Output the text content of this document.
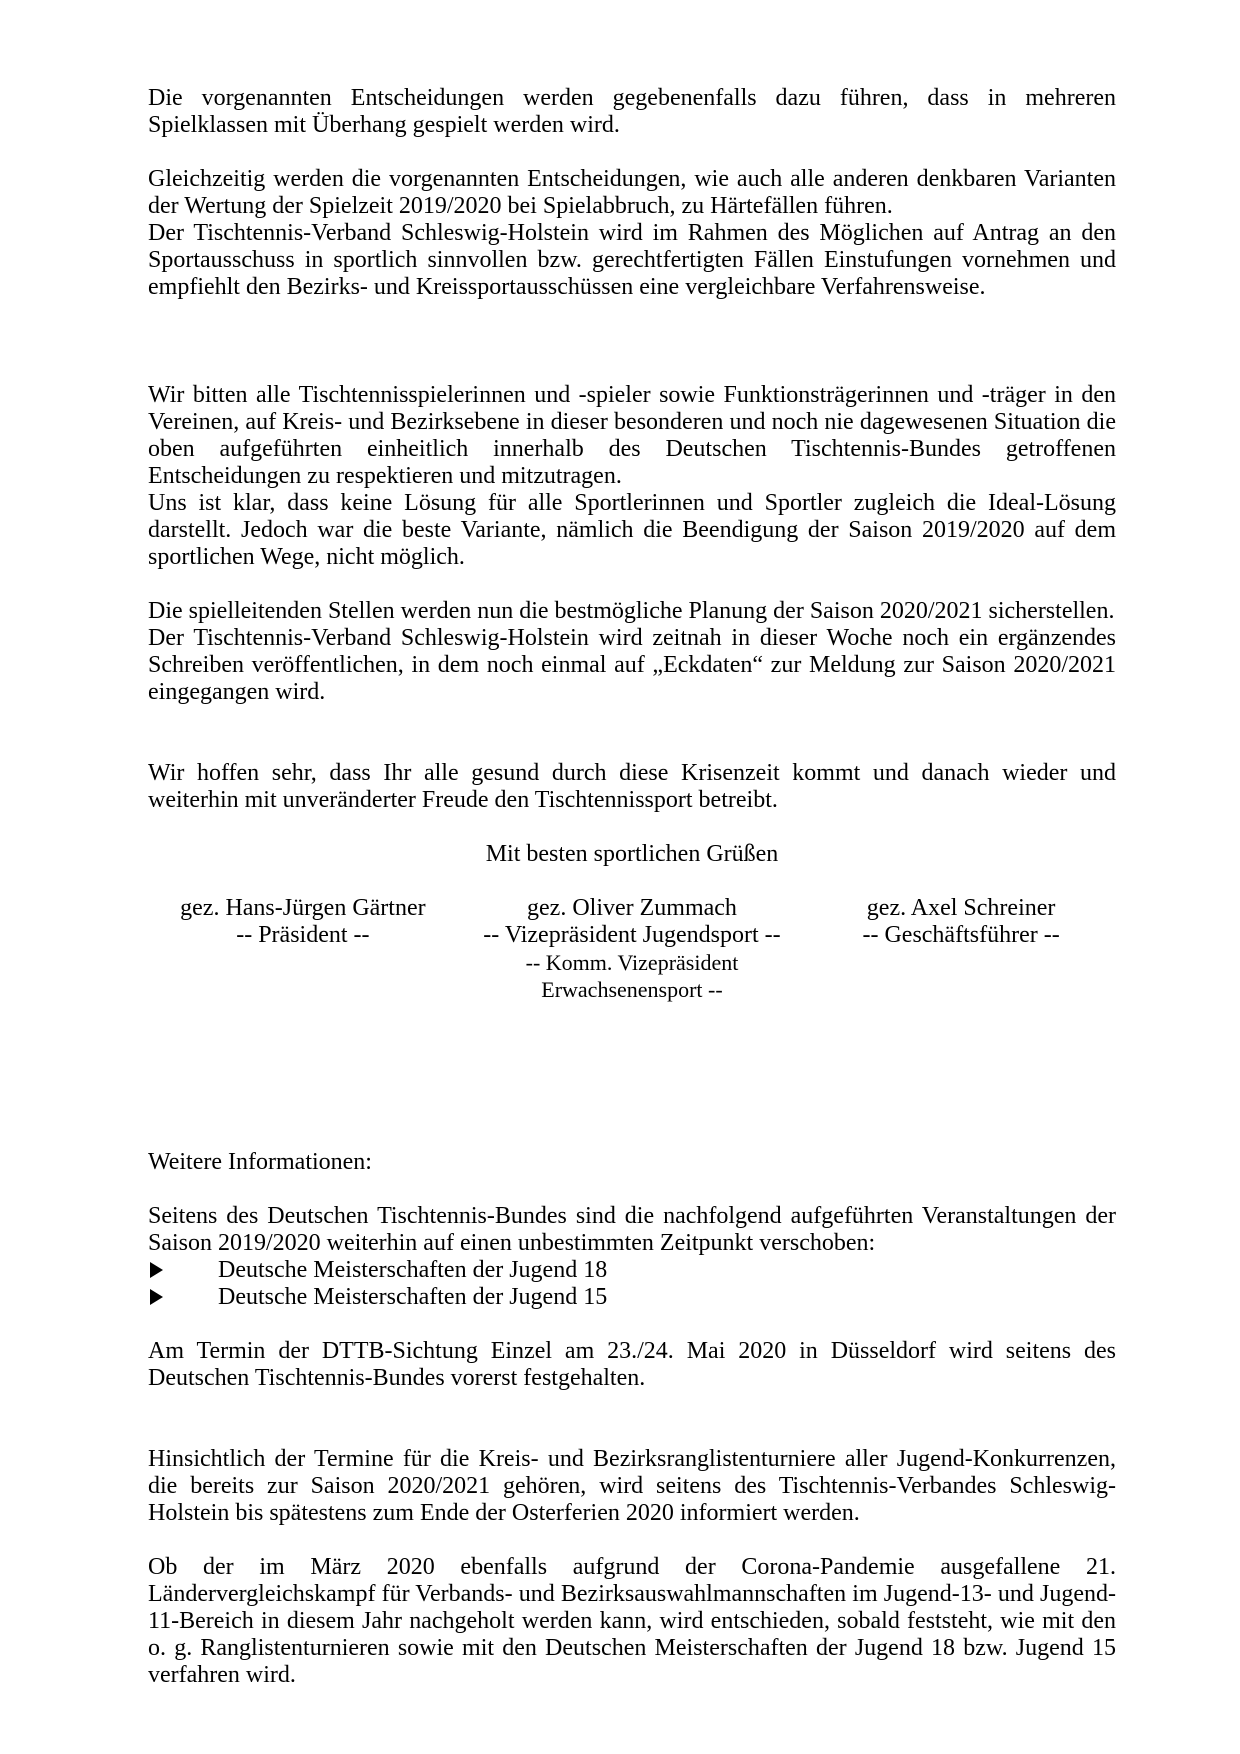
Die vorgenannten Entscheidungen werden gegebenenfalls dazu führen, dass in mehreren Spielklassen mit Überhang gespielt werden wird.

Gleichzeitig werden die vorgenannten Entscheidungen, wie auch alle anderen denkbaren Varianten der Wertung der Spielzeit 2019/2020 bei Spielabbruch, zu Härtefällen führen.

Der Tischtennis-Verband Schleswig-Holstein wird im Rahmen des Möglichen auf Antrag an den Sportausschuss in sportlich sinnvollen bzw. gerechtfertigten Fällen Einstufungen vornehmen und empfiehlt den Bezirks- und Kreissportausschüssen eine vergleichbare Verfahrensweise.

Wir bitten alle Tischtennisspielerinnen und -spieler sowie Funktionsträgerinnen und -träger in den Vereinen, auf Kreis- und Bezirksebene in dieser besonderen und noch nie dagewesenen Situation die oben aufgeführten einheitlich innerhalb des Deutschen Tischtennis-Bundes getroffenen Entscheidungen zu respektieren und mitzutragen.

Uns ist klar, dass keine Lösung für alle Sportlerinnen und Sportler zugleich die Ideal-Lösung darstellt. Jedoch war die beste Variante, nämlich die Beendigung der Saison 2019/2020 auf dem sportlichen Wege, nicht möglich.

Die spielleitenden Stellen werden nun die bestmögliche Planung der Saison 2020/2021 sicherstellen.

Der Tischtennis-Verband Schleswig-Holstein wird zeitnah in dieser Woche noch ein ergänzendes Schreiben veröffentlichen, in dem noch einmal auf „Eckdaten“ zur Meldung zur Saison 2020/2021 eingegangen wird.

Wir hoffen sehr, dass Ihr alle gesund durch diese Krisenzeit kommt und danach wieder und weiterhin mit unveränderter Freude den Tischtennissport betreibt.

Mit besten sportlichen Grüßen

gez. Hans-Jürgen Gärtner
-- Präsident --
gez. Oliver Zummach
-- Vizepräsident Jugendsport --
-- Komm. Vizepräsident Erwachsenensport --
gez. Axel Schreiner
-- Geschäftsführer --

Weitere Informationen:

Seitens des Deutschen Tischtennis-Bundes sind die nachfolgend aufgeführten Veranstaltungen der Saison 2019/2020 weiterhin auf einen unbestimmten Zeitpunkt verschoben:

Deutsche Meisterschaften der Jugend 18
Deutsche Meisterschaften der Jugend 15

Am Termin der DTTB-Sichtung Einzel am 23./24. Mai 2020 in Düsseldorf wird seitens des Deutschen Tischtennis-Bundes vorerst festgehalten.

Hinsichtlich der Termine für die Kreis- und Bezirksranglistenturniere aller Jugend-Konkurrenzen, die bereits zur Saison 2020/2021 gehören, wird seitens des Tischtennis-Verbandes Schleswig-Holstein bis spätestens zum Ende der Osterferien 2020 informiert werden.

Ob der im März 2020 ebenfalls aufgrund der Corona-Pandemie ausgefallene 21. Ländervergleichskampf für Verbands- und Bezirksauswahlmannschaften im Jugend-13- und Jugend-11-Bereich in diesem Jahr nachgeholt werden kann, wird entschieden, sobald feststeht, wie mit den o. g. Ranglistenturnieren sowie mit den Deutschen Meisterschaften der Jugend 18 bzw. Jugend 15 verfahren wird.
